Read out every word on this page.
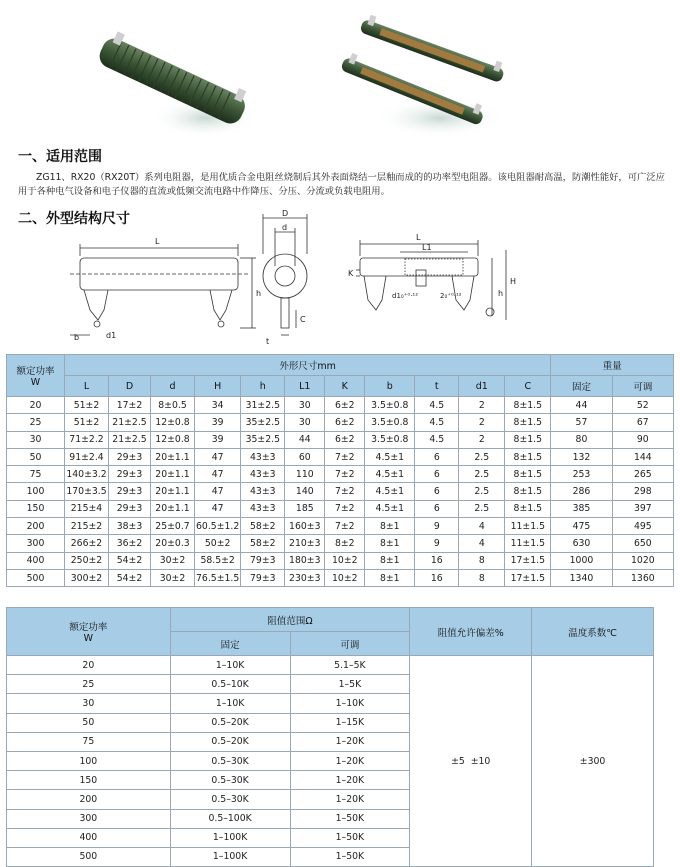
一、适用范围
ZG11、RX20（RX20T）系列电阻器，是用优质合金电阻丝烧制后其外表面烧结一层釉而成的的功率型电阻器。该电阻器耐高温，防潮性能好，可广泛应用于各种电气设备和电子仪器的直流或低频交流电路中作降压、分压、分流或负载电阻用。
二、外型结构尺寸
L
h
b	d1
D
d
C
t
L
L1
K
h
H
d1₀⁺⁰·¹²	2₀⁺⁰·¹²
额定功率
W	外形尺寸mm											重量	
	L	D	d	H	h	L1	K	b	t	d1	C	固定	可调
20	51±2	17±2	8±0.5	34	31±2.5	30	6±2	3.5±0.8	4.5	2	8±1.5	44	52
25	51±2	21±2.5	12±0.8	39	35±2.5	30	6±2	3.5±0.8	4.5	2	8±1.5	57	67
30	71±2.2	21±2.5	12±0.8	39	35±2.5	44	6±2	3.5±0.8	4.5	2	8±1.5	80	90
50	91±2.4	29±3	20±1.1	47	43±3	60	7±2	4.5±1	6	2.5	8±1.5	132	144
75	140±3.2	29±3	20±1.1	47	43±3	110	7±2	4.5±1	6	2.5	8±1.5	253	265
100	170±3.5	29±3	20±1.1	47	43±3	140	7±2	4.5±1	6	2.5	8±1.5	286	298
150	215±4	29±3	20±1.1	47	43±3	185	7±2	4.5±1	6	2.5	8±1.5	385	397
200	215±2	38±3	25±0.7	60.5±1.2	58±2	160±3	7±2	8±1	9	4	11±1.5	475	495
300	266±2	36±2	20±0.3	50±2	58±2	210±3	8±2	8±1	9	4	11±1.5	630	650
400	250±2	54±2	30±2	58.5±2	79±3	180±3	10±2	8±1	16	8	17±1.5	1000	1020
500	300±2	54±2	30±2	76.5±1.5	79±3	230±3	10±2	8±1	16	8	17±1.5	1340	1360
额定功率
W	阻值范围Ω		阻值允许偏差%	温度系数℃
	固定	可调		
20	1–10K	5.1–5K	±5  ±10	±300
25	0.5–10K	1–5K		
30	1–10K	1–10K		
50	0.5–20K	1–15K		
75	0.5–20K	1–20K		
100	0.5–30K	1–20K		
150	0.5–30K	1–20K		
200	0.5–30K	1–20K		
300	0.5–100K	1–50K		
400	1–100K	1–50K		
500	1–100K	1–50K		
